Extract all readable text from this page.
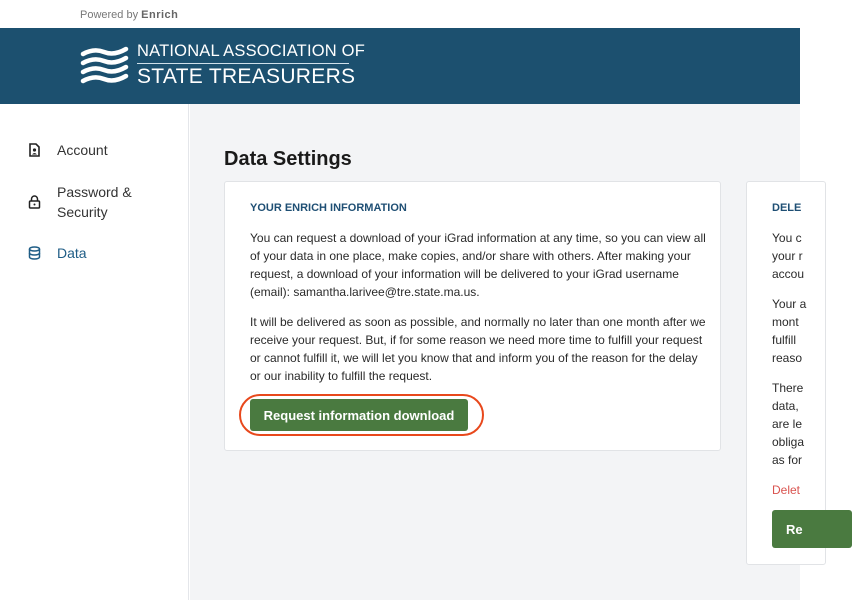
Powered by Enrich
NATIONAL ASSOCIATION OF
STATE TREASURERS
Account
Password &
Security
Data
Data Settings
YOUR ENRICH INFORMATION
You can request a download of your iGrad information at any time, so you can view all of your data in one place, make copies, and/or share with others. After making your request, a download of your information will be delivered to your iGrad username (email): samantha.larivee@tre.state.ma.us.
It will be delivered as soon as possible, and normally no later than one month after we receive your request. But, if for some reason we need more time to fulfill your request or cannot fulfill it, we will let you know that and inform you of the reason for the delay or our inability to fulfill the request.
Request information download
DELE
You c
your r
accou
Your a
mont
fulfill
reaso
There
data,
are le
obliga
as for
Delet
Re
